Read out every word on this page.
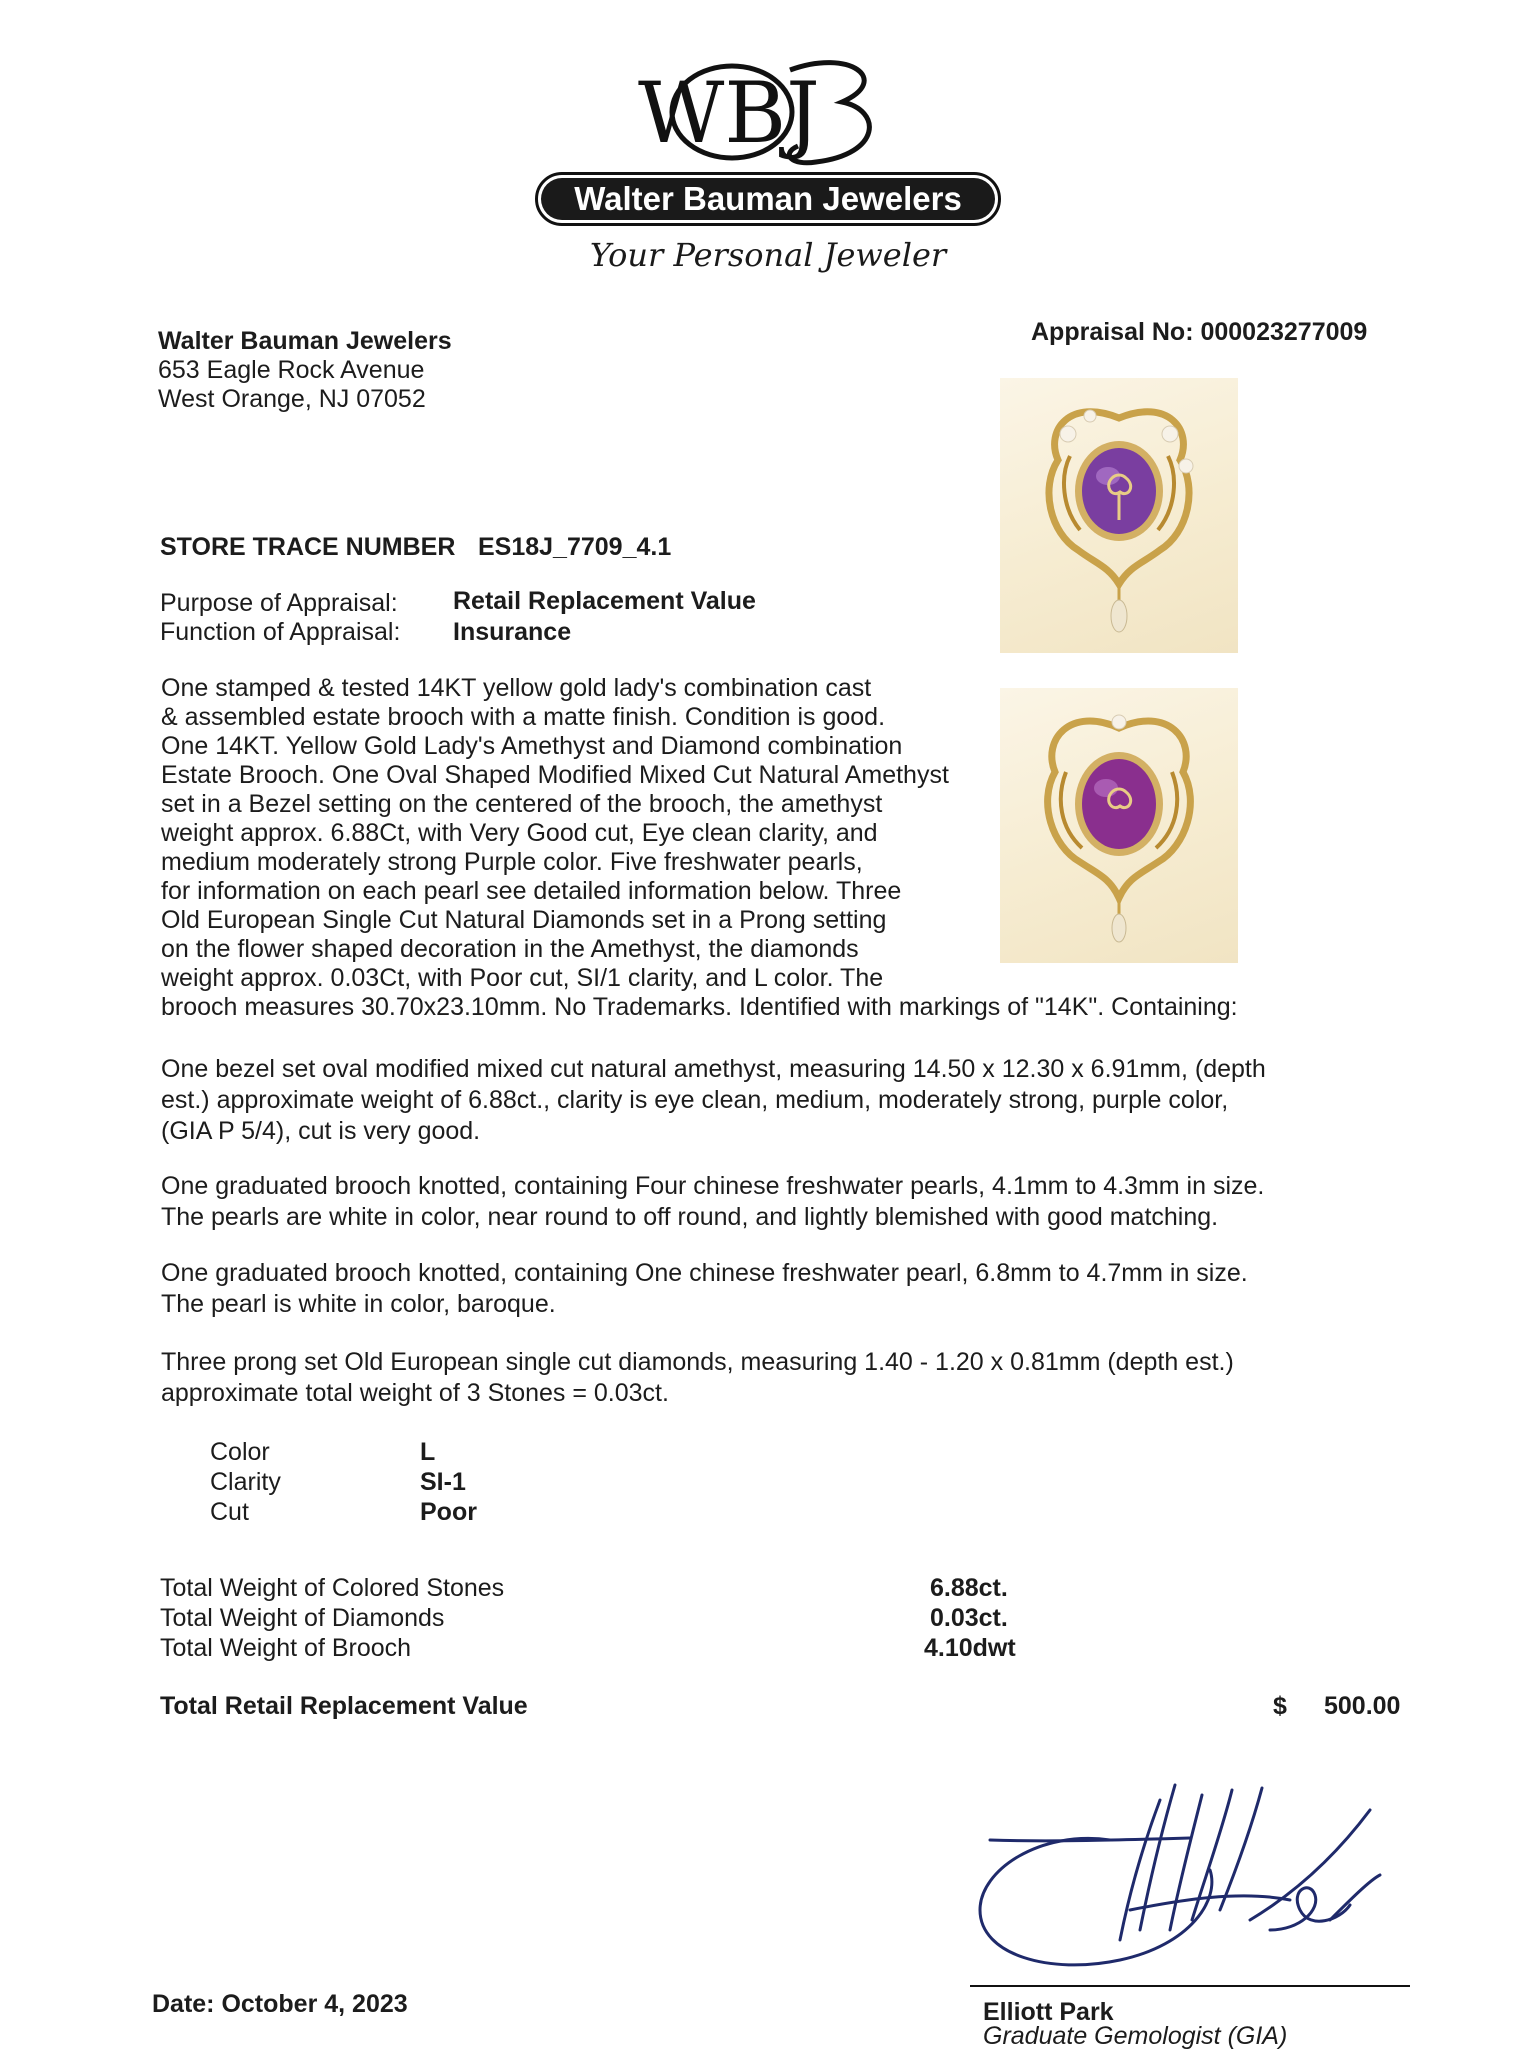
WBJ
Walter Bauman Jewelers
Your Personal Jeweler
Walter Bauman Jewelers
653 Eagle Rock Avenue
West Orange, NJ 07052
Appraisal No: 000023277009
STORE TRACE NUMBER ES18J_7709_4.1
Purpose of Appraisal: Retail Replacement Value
Function of Appraisal: Insurance
One stamped & tested 14KT yellow gold lady's combination cast
& assembled estate brooch with a matte finish. Condition is good.
One 14KT. Yellow Gold Lady's Amethyst and Diamond combination
Estate Brooch. One Oval Shaped Modified Mixed Cut Natural Amethyst
set in a Bezel setting on the centered of the brooch, the amethyst
weight approx. 6.88Ct, with Very Good cut, Eye clean clarity, and
medium moderately strong Purple color. Five freshwater pearls,
for information on each pearl see detailed information below. Three
Old European Single Cut Natural Diamonds set in a Prong setting
on the flower shaped decoration in the Amethyst, the diamonds
weight approx. 0.03Ct, with Poor cut, SI/1 clarity, and L color. The
brooch measures 30.70x23.10mm. No Trademarks. Identified with markings of "14K". Containing:
One bezel set oval modified mixed cut natural amethyst, measuring 14.50 x 12.30 x 6.91mm, (depth
est.) approximate weight of 6.88ct., clarity is eye clean, medium, moderately strong, purple color,
(GIA P 5/4), cut is very good.
One graduated brooch knotted, containing Four chinese freshwater pearls, 4.1mm to 4.3mm in size.
The pearls are white in color, near round to off round, and lightly blemished with good matching.
One graduated brooch knotted, containing One chinese freshwater pearl, 6.8mm to 4.7mm in size.
The pearl is white in color, baroque.
Three prong set Old European single cut diamonds, measuring 1.40 - 1.20 x 0.81mm (depth est.)
approximate total weight of 3 Stones = 0.03ct.
Color	L
Clarity	SI-1
Cut	Poor
Total Weight of Colored Stones	6.88ct.
Total Weight of Diamonds	0.03ct.
Total Weight of Brooch	4.10dwt
Total Retail Replacement Value	$ 500.00
Elliott Park
Graduate Gemologist (GIA)
Date: October 4, 2023
